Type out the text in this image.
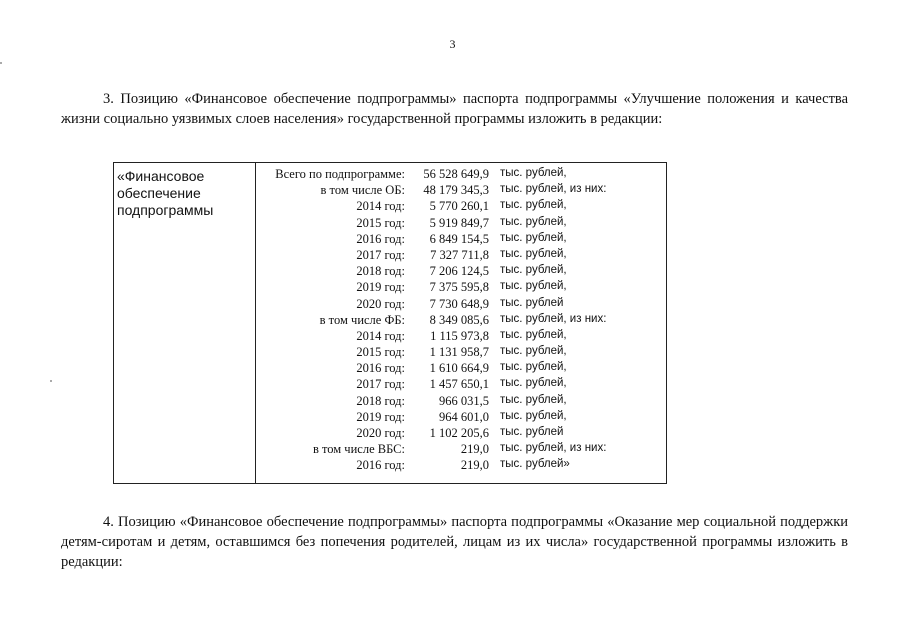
3

3. Позицию «Финансовое обеспечение подпрограммы» паспорта подпрограммы «Улучшение положения и качества жизни социально уязвимых слоев населения» государственной программы изложить в редакции:

«Финансовое обеспечение подпрограммы
Всего по подпрограмме: 56 528 649,9 тыс. рублей,
в том числе ОБ: 48 179 345,3 тыс. рублей, из них:
2014 год: 5 770 260,1 тыс. рублей,
2015 год: 5 919 849,7 тыс. рублей,
2016 год: 6 849 154,5 тыс. рублей,
2017 год: 7 327 711,8 тыс. рублей,
2018 год: 7 206 124,5 тыс. рублей,
2019 год: 7 375 595,8 тыс. рублей,
2020 год: 7 730 648,9 тыс. рублей
в том числе ФБ: 8 349 085,6 тыс. рублей, из них:
2014 год: 1 115 973,8 тыс. рублей,
2015 год: 1 131 958,7 тыс. рублей,
2016 год: 1 610 664,9 тыс. рублей,
2017 год: 1 457 650,1 тыс. рублей,
2018 год:	966 031,5 тыс. рублей,
2019 год:	964 601,0 тыс. рублей,
2020 год: 1 102 205,6 тыс. рублей
в том числе ВБС:	219,0 тыс. рублей, из них:
2016 год:	219,0 тыс. рублей»

4. Позицию «Финансовое обеспечение подпрограммы» паспорта подпрограммы «Оказание мер социальной поддержки детям-сиротам и детям, оставшимся без попечения родителей, лицам из их числа» государственной программы изложить в редакции:
